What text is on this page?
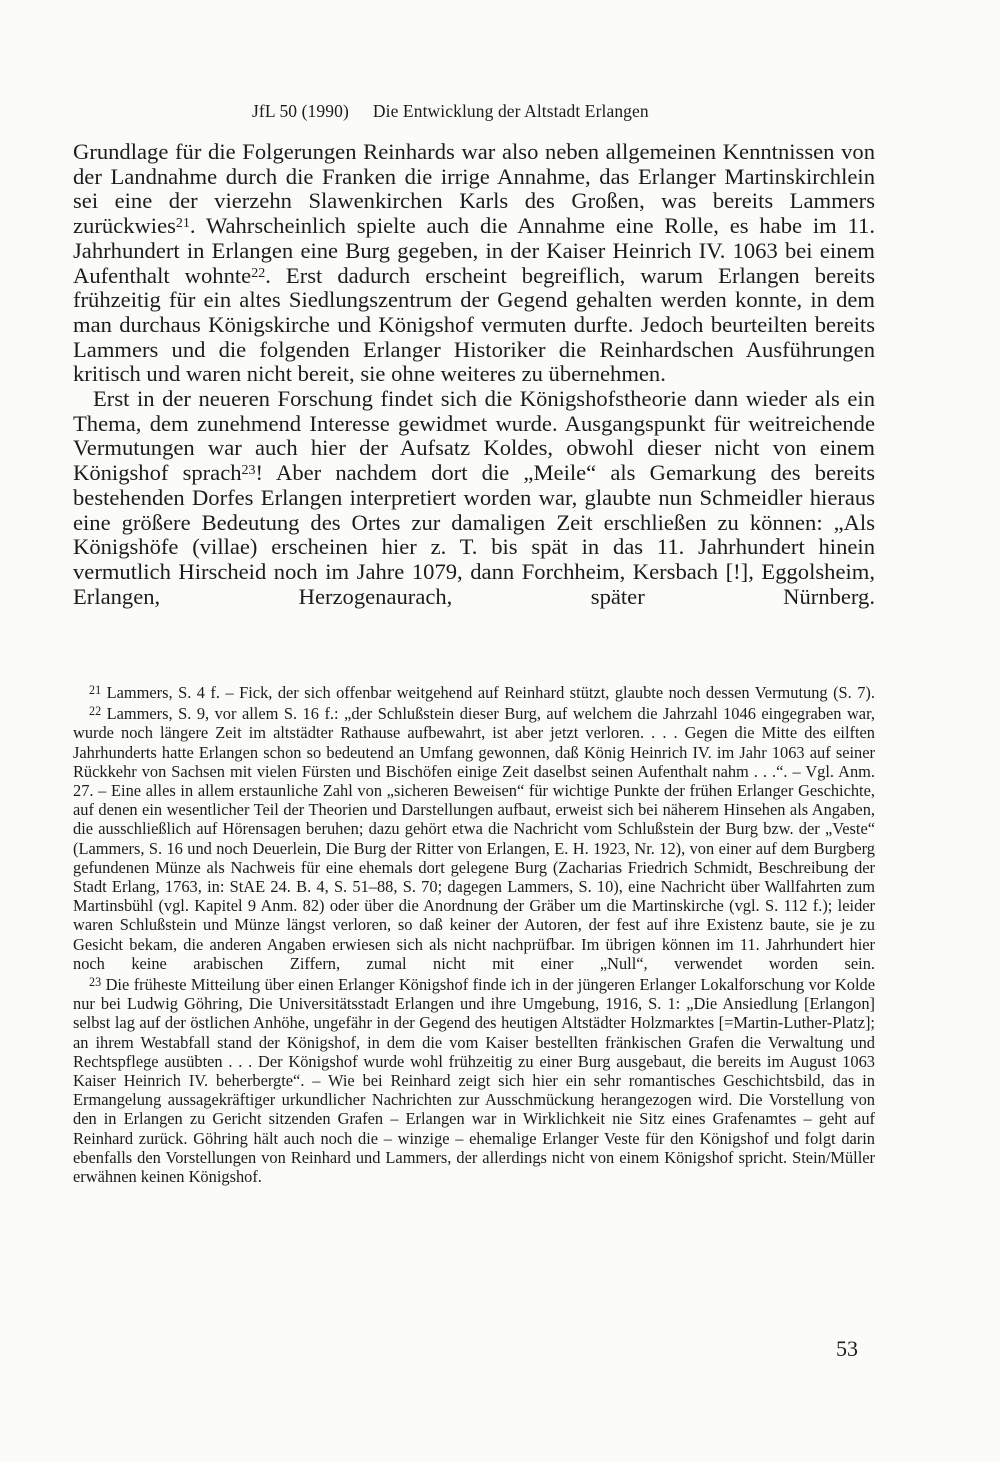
JfL 50 (1990) Die Entwicklung der Altstadt Erlangen

Grundlage für die Folgerungen Reinhards war also neben allgemeinen Kenntnissen von der Landnahme durch die Franken die irrige Annahme, das Erlanger Martinskirchlein sei eine der vierzehn Slawenkirchen Karls des Großen, was bereits Lammers zurückwies$^{21}$. Wahrscheinlich spielte auch die Annahme eine Rolle, es habe im 11. Jahrhundert in Erlangen eine Burg gegeben, in der Kaiser Heinrich IV. 1063 bei einem Aufenthalt wohnte$^{22}$. Erst dadurch erscheint begreiflich, warum Erlangen bereits frühzeitig für ein altes Siedlungszentrum der Gegend gehalten werden konnte, in dem man durchaus Königskirche und Königshof vermuten durfte. Jedoch beurteilten bereits Lammers und die folgenden Erlanger Historiker die Reinhardschen Ausführungen kritisch und waren nicht bereit, sie ohne weiteres zu übernehmen.

Erst in der neueren Forschung findet sich die Königshofstheorie dann wieder als ein Thema, dem zunehmend Interesse gewidmet wurde. Ausgangspunkt für weitreichende Vermutungen war auch hier der Aufsatz Koldes, obwohl dieser nicht von einem Königshof sprach$^{23}$! Aber nachdem dort die „Meile“ als Gemarkung des bereits bestehenden Dorfes Erlangen interpretiert worden war, glaubte nun Schmeidler hieraus eine größere Bedeutung des Ortes zur damaligen Zeit erschließen zu können: „Als Königshöfe (villae) erscheinen hier z. T. bis spät in das 11. Jahrhundert hinein vermutlich Hirscheid noch im Jahre 1079, dann Forchheim, Kersbach [!], Eggolsheim, Erlangen, Herzogenaurach, später Nürnberg.

$^{21}$ Lammers, S. 4 f. – Fick, der sich offenbar weitgehend auf Reinhard stützt, glaubte noch dessen Vermutung (S. 7).

$^{22}$ Lammers, S. 9, vor allem S. 16 f.: „der Schlußstein dieser Burg, auf welchem die Jahrzahl 1046 eingegraben war, wurde noch längere Zeit im altstädter Rathause aufbewahrt, ist aber jetzt verloren. . . . Gegen die Mitte des eilften Jahrhunderts hatte Erlangen schon so bedeutend an Umfang gewonnen, daß König Heinrich IV. im Jahr 1063 auf seiner Rückkehr von Sachsen mit vielen Fürsten und Bischöfen einige Zeit daselbst seinen Aufenthalt nahm . . .“. – Vgl. Anm. 27. – Eine alles in allem erstaunliche Zahl von „sicheren Beweisen“ für wichtige Punkte der frühen Erlanger Geschichte, auf denen ein wesentlicher Teil der Theorien und Darstellungen aufbaut, erweist sich bei näherem Hinsehen als Angaben, die ausschließlich auf Hörensagen beruhen; dazu gehört etwa die Nachricht vom Schlußstein der Burg bzw. der „Veste“ (Lammers, S. 16 und noch Deuerlein, Die Burg der Ritter von Erlangen, E. H. 1923, Nr. 12), von einer auf dem Burgberg gefundenen Münze als Nachweis für eine ehemals dort gelegene Burg (Zacharias Friedrich Schmidt, Beschreibung der Stadt Erlang, 1763, in: StAE 24. B. 4, S. 51–88, S. 70; dagegen Lammers, S. 10), eine Nachricht über Wallfahrten zum Martinsbühl (vgl. Kapitel 9 Anm. 82) oder über die Anordnung der Gräber um die Martinskirche (vgl. S. 112 f.); leider waren Schlußstein und Münze längst verloren, so daß keiner der Autoren, der fest auf ihre Existenz baute, sie je zu Gesicht bekam, die anderen Angaben erwiesen sich als nicht nachprüfbar. Im übrigen können im 11. Jahrhundert hier noch keine arabischen Ziffern, zumal nicht mit einer „Null“, verwendet worden sein.

$^{23}$ Die früheste Mitteilung über einen Erlanger Königshof finde ich in der jüngeren Erlanger Lokalforschung vor Kolde nur bei Ludwig Göhring, Die Universitätsstadt Erlangen und ihre Umgebung, 1916, S. 1: „Die Ansiedlung [Erlangon] selbst lag auf der östlichen Anhöhe, ungefähr in der Gegend des heutigen Altstädter Holzmarktes [=Martin-Luther-Platz]; an ihrem Westabfall stand der Königshof, in dem die vom Kaiser bestellten fränkischen Grafen die Verwaltung und Rechtspflege ausübten . . . Der Königshof wurde wohl frühzeitig zu einer Burg ausgebaut, die bereits im August 1063 Kaiser Heinrich IV. beherbergte“. – Wie bei Reinhard zeigt sich hier ein sehr romantisches Geschichtsbild, das in Ermangelung aussagekräftiger urkundlicher Nachrichten zur Ausschmückung herangezogen wird. Die Vorstellung von den in Erlangen zu Gericht sitzenden Grafen – Erlangen war in Wirklichkeit nie Sitz eines Grafenamtes – geht auf Reinhard zurück. Göhring hält auch noch die – winzige – ehemalige Erlanger Veste für den Königshof und folgt darin ebenfalls den Vorstellungen von Reinhard und Lammers, der allerdings nicht von einem Königshof spricht. Stein/Müller erwähnen keinen Königshof.

53
